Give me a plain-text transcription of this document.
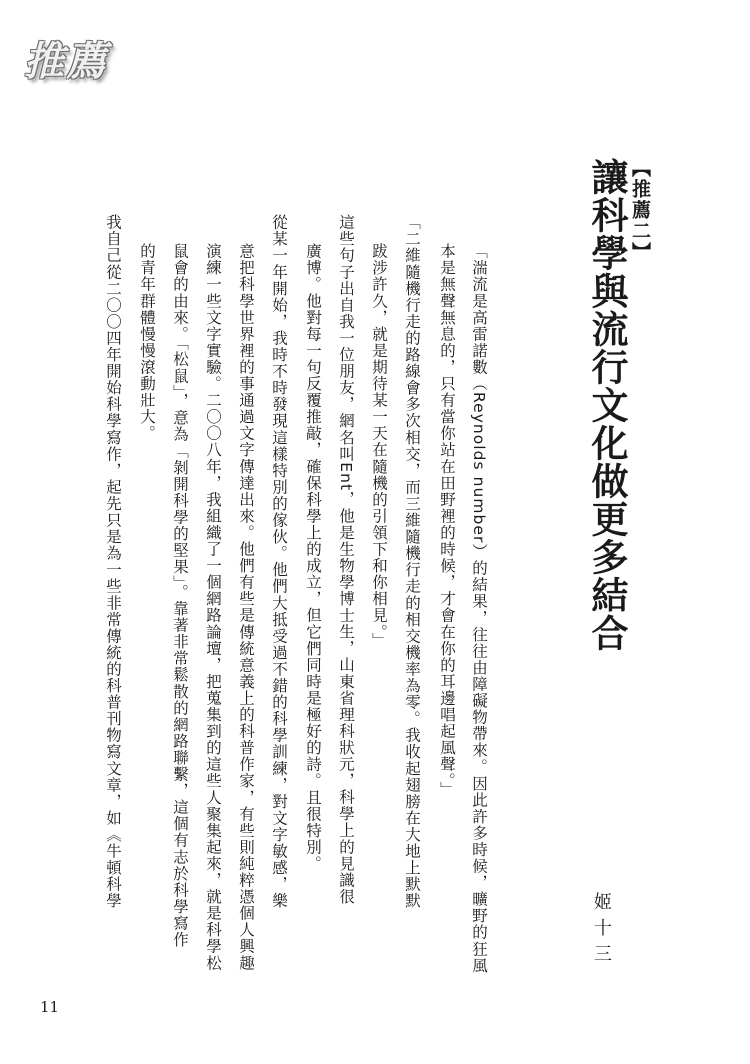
推薦
【推薦二】
讓科學與流行文化做更多結合
姬十三
「湍流是高雷諾數（Reynolds number）的結果，往往由障礙物帶來。因此許多時候，曠野的狂風
本是無聲無息的，只有當你站在田野裡的時候，才會在你的耳邊唱起風聲。」
「二維隨機行走的路線會多次相交，而三維隨機行走的相交機率為零。我收起翅膀在大地上默默
跋涉許久，就是期待某一天在隨機的引領下和你相見。」
這些句子出自我一位朋友，網名叫Ent，他是生物學博士生，山東省理科狀元，科學上的見識很
廣博。他對每一句反覆推敲，確保科學上的成立，但它們同時是極好的詩。且很特別。
從某一年開始，我時不時發現這樣特別的傢伙。他們大抵受過不錯的科學訓練，對文字敏感，樂
意把科學世界裡的事通過文字傳達出來。他們有些是傳統意義上的科普作家，有些則純粹憑個人興趣
演練一些文字實驗。二〇〇八年，我組織了一個網路論壇，把蒐集到的這些人聚集起來，就是科學松
鼠會的由來。「松鼠」，意為「剝開科學的堅果」。靠著非常鬆散的網路聯繫，這個有志於科學寫作
的青年群體慢慢滾動壯大。
我自己從二〇〇四年開始科學寫作，起先只是為一些非常傳統的科普刊物寫文章，如《牛頓科學
11
